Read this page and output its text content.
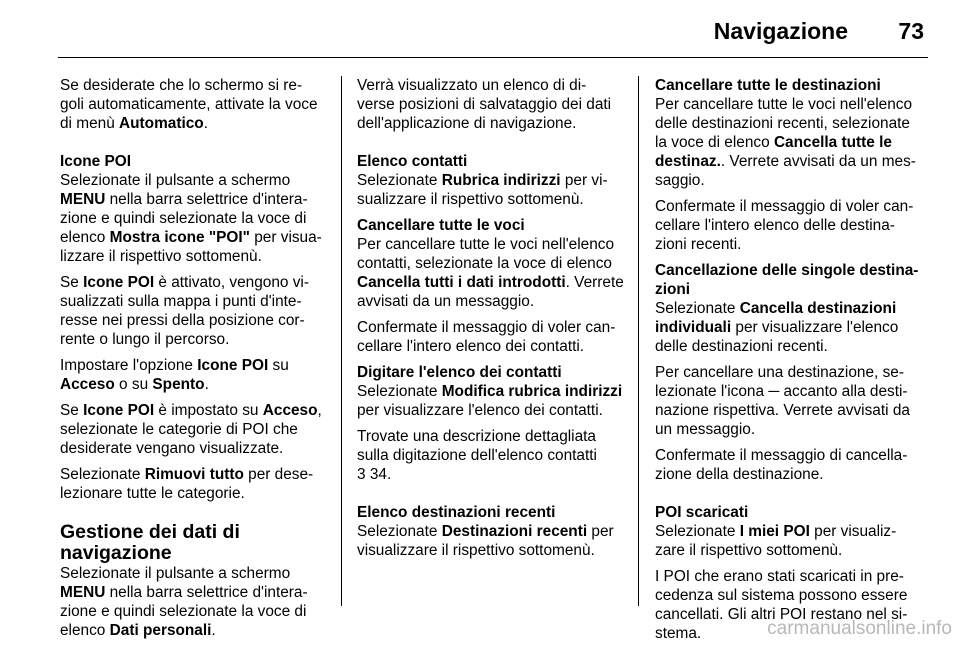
Navigazione 73

Se desiderate che lo schermo si re-
goli automaticamente, attivate la voce
di menù Automatico.

Icone POI

Selezionate il pulsante a schermo
MENU nella barra selettrice d'intera-
zione e quindi selezionate la voce di
elenco Mostra icone "POI" per visua-
lizzare il rispettivo sottomenù.

Se Icone POI è attivato, vengono vi-
sualizzati sulla mappa i punti d'inte-
resse nei pressi della posizione cor-
rente o lungo il percorso.

Impostare l'opzione Icone POI su
Acceso o su Spento.

Se Icone POI è impostato su Acceso,
selezionate le categorie di POI che
desiderate vengano visualizzate.

Selezionate Rimuovi tutto per dese-
lezionare tutte le categorie.

Gestione dei dati di navigazione

Selezionate il pulsante a schermo
MENU nella barra selettrice d'intera-
zione e quindi selezionate la voce di
elenco Dati personali.

Verrà visualizzato un elenco di di-
verse posizioni di salvataggio dei dati
dell'applicazione di navigazione.

Elenco contatti

Selezionate Rubrica indirizzi per vi-
sualizzare il rispettivo sottomenù.

Cancellare tutte le voci

Per cancellare tutte le voci nell'elenco
contatti, selezionate la voce di elenco
Cancella tutti i dati introdotti. Verrete
avvisati da un messaggio.

Confermate il messaggio di voler can-
cellare l'intero elenco dei contatti.

Digitare l'elenco dei contatti

Selezionate Modifica rubrica indirizzi
per visualizzare l'elenco dei contatti.

Trovate una descrizione dettagliata
sulla digitazione dell'elenco contatti
3 34.

Elenco destinazioni recenti

Selezionate Destinazioni recenti per
visualizzare il rispettivo sottomenù.

Cancellare tutte le destinazioni

Per cancellare tutte le voci nell'elenco
delle destinazioni recenti, selezionate
la voce di elenco Cancella tutte le
destinaz.. Verrete avvisati da un mes-
saggio.

Confermate il messaggio di voler can-
cellare l'intero elenco delle destina-
zioni recenti.

Cancellazione delle singole destina-
zioni

Selezionate Cancella destinazioni
individuali per visualizzare l'elenco
delle destinazioni recenti.

Per cancellare una destinazione, se-
lezionate l'icona ─ accanto alla desti-
nazione rispettiva. Verrete avvisati da
un messaggio.

Confermate il messaggio di cancella-
zione della destinazione.

POI scaricati

Selezionate I miei POI per visualiz-
zare il rispettivo sottomenù.

I POI che erano stati scaricati in pre-
cedenza sul sistema possono essere
cancellati. Gli altri POI restano nel si-
stema.	carmanualsonline.info
